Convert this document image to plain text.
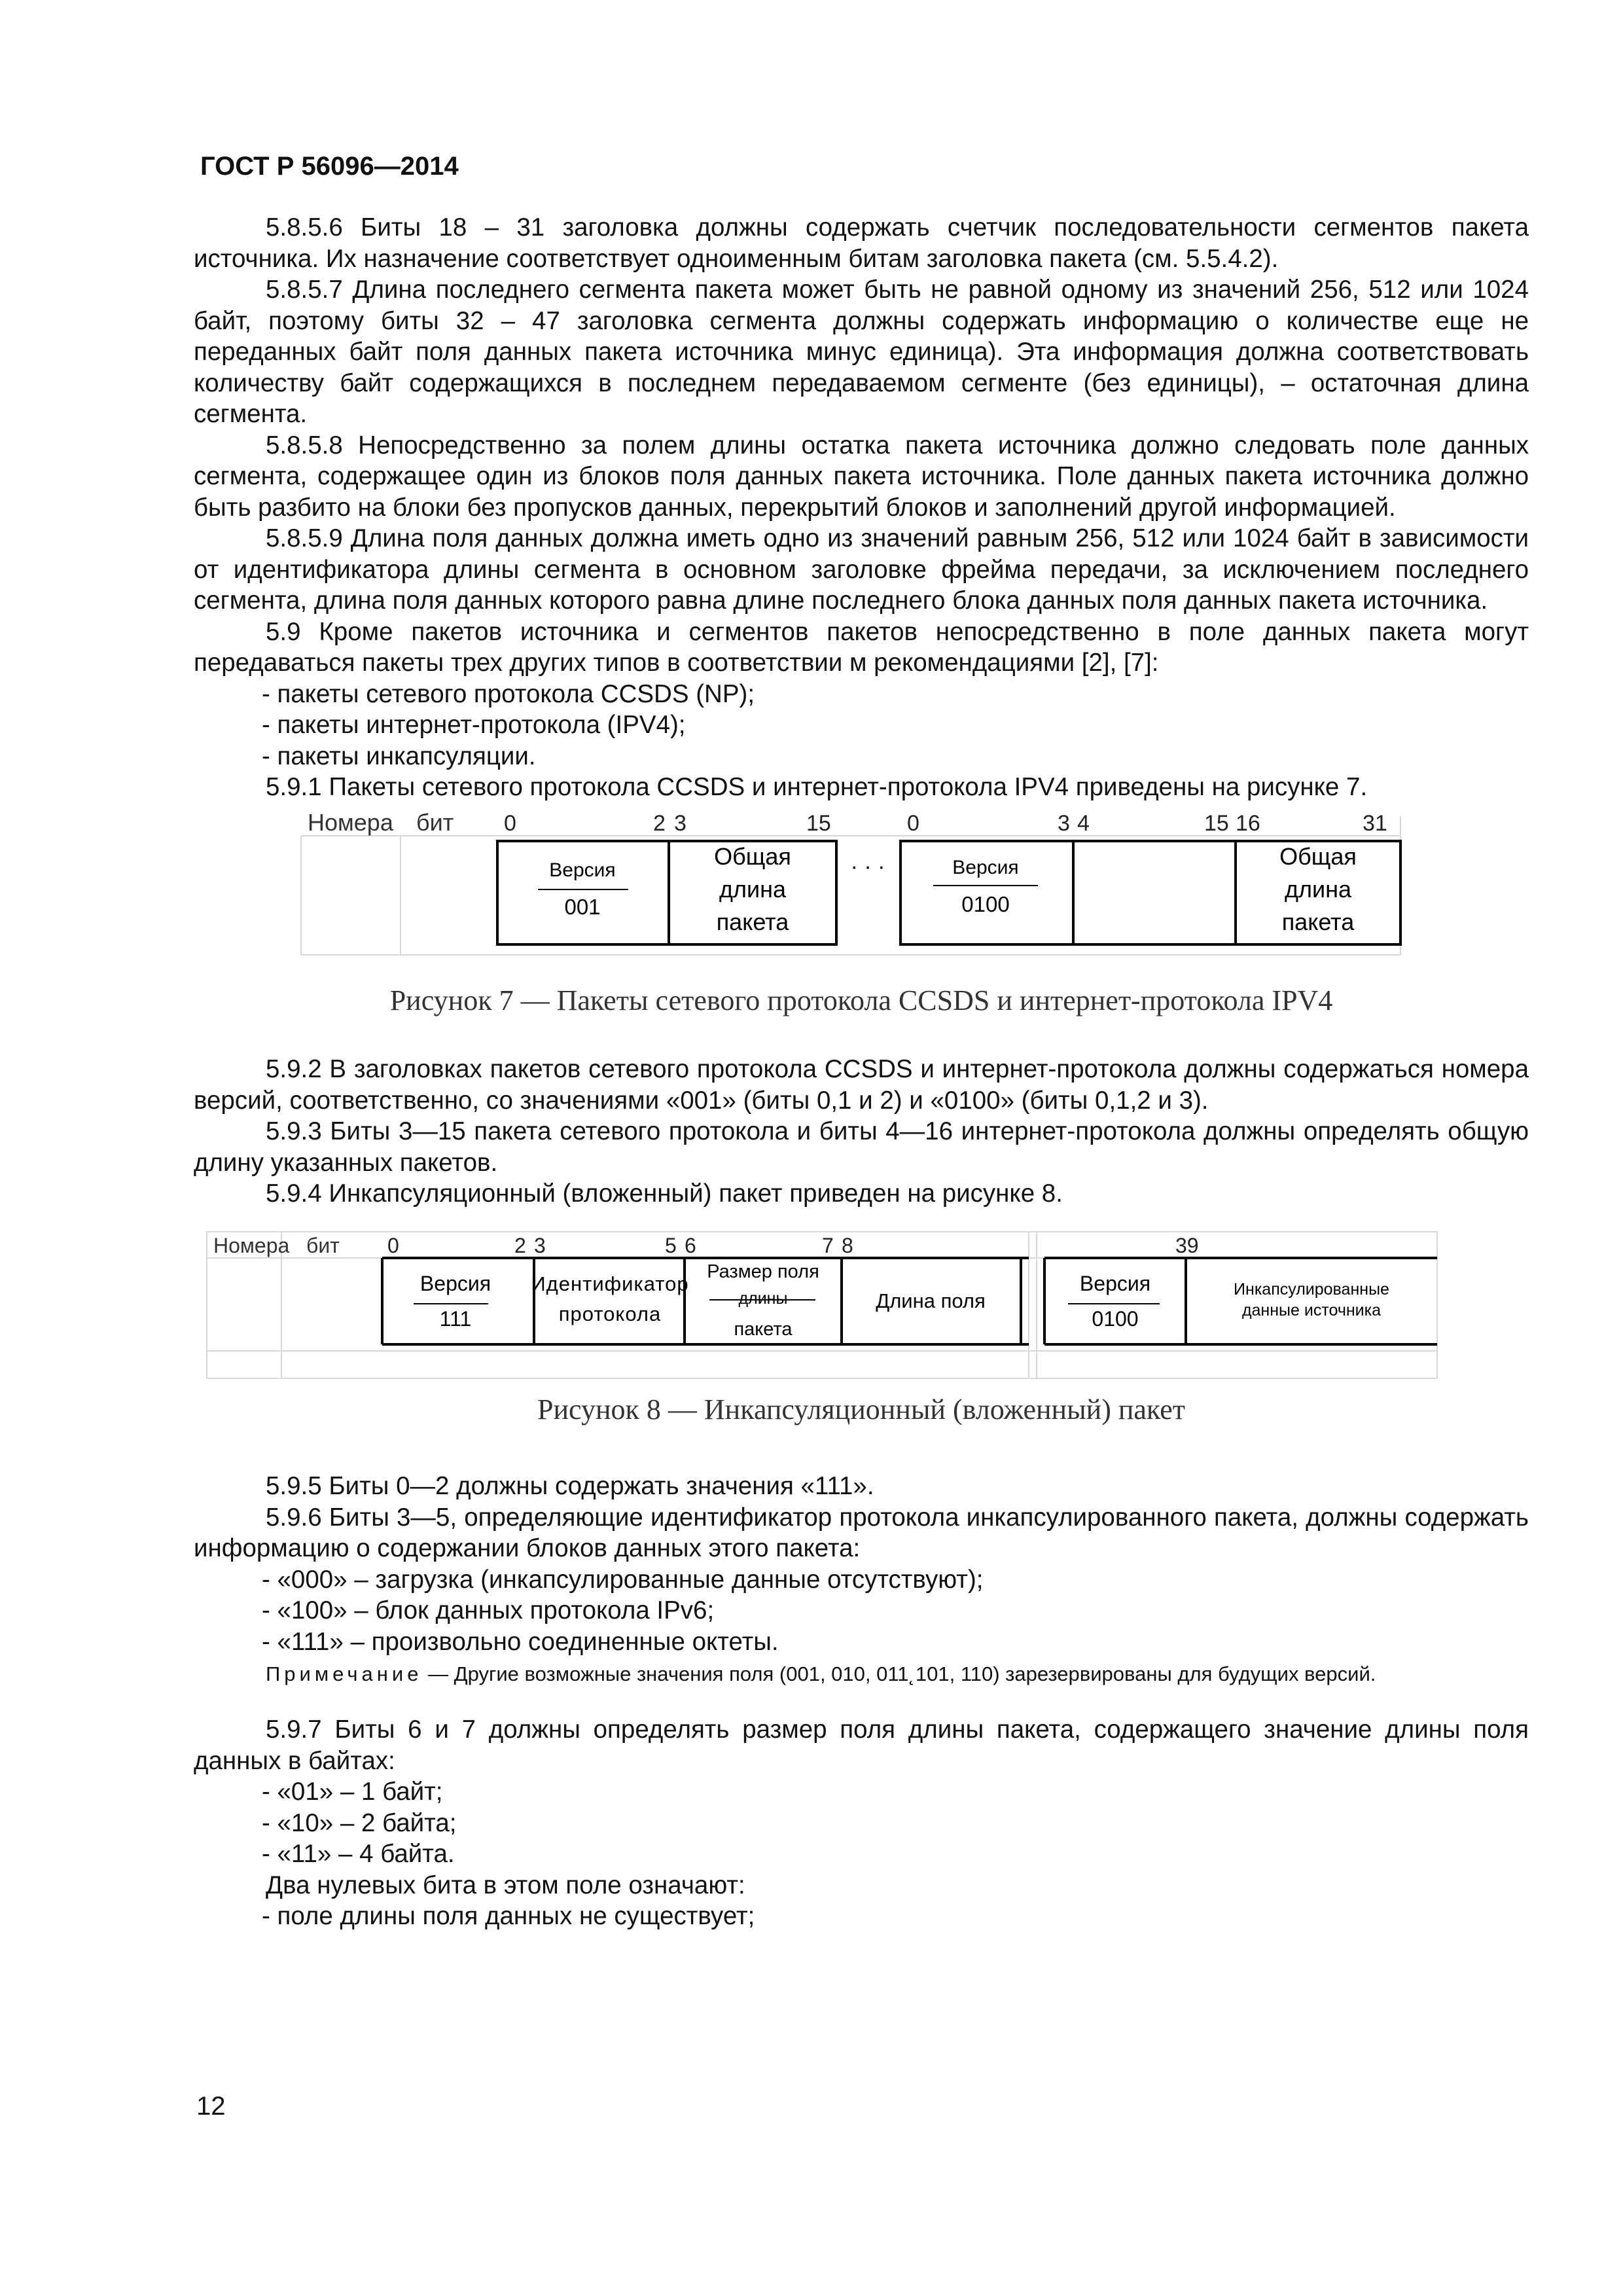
ГОСТ Р 56096—2014

5.8.5.6 Биты 18 – 31 заголовка должны содержать счетчик последовательности сегментов пакета источника. Их назначение соответствует одноименным битам заголовка пакета (см. 5.5.4.2).

5.8.5.7 Длина последнего сегмента пакета может быть не равной одному из значений 256, 512 или 1024 байт, поэтому биты 32 – 47 заголовка сегмента должны содержать информацию о количестве еще не переданных байт поля данных пакета источника минус единица). Эта информация должна соответствовать количеству байт содержащихся в последнем передаваемом сегменте (без единицы), – остаточная длина сегмента.

5.8.5.8 Непосредственно за полем длины остатка пакета источника должно следовать поле данных сегмента, содержащее один из блоков поля данных пакета источника. Поле данных пакета источника должно быть разбито на блоки без пропусков данных, перекрытий блоков и заполнений другой информацией.

5.8.5.9 Длина поля данных должна иметь одно из значений равным 256, 512 или 1024 байт в зависимости от идентификатора длины сегмента в основном заголовке фрейма передачи, за исключением последнего сегмента, длина поля данных которого равна длине последнего блока данных поля данных пакета источника.

5.9 Кроме пакетов источника и сегментов пакетов непосредственно в поле данных пакета могут передаваться пакеты трех других типов в соответствии м рекомендациями [2], [7]:

- пакеты сетевого протокола CCSDS (NP);

- пакеты интернет-протокола (IPV4);

- пакеты инкапсуляции.

5.9.1 Пакеты сетевого протокола CCSDS и интернет-протокола IPV4 приведены на рисунке 7.

Номера бит 0	2 3	15	0	3 4	15 16	31
Версия
001
Общая
длина
пакета
· · ·	Версия
0100
Общая
длина
пакета
Рисунок 7 — Пакеты сетевого протокола CCSDS и интернет-протокола IPV4

5.9.2 В заголовках пакетов сетевого протокола CCSDS и интернет-протокола должны содержаться номера версий, соответственно, со значениями «001» (биты 0,1 и 2) и «0100» (биты 0,1,2 и 3).

5.9.3 Биты 3—15 пакета сетевого протокола и биты 4—16 интернет-протокола должны определять общую длину указанных пакетов.

5.9.4 Инкапсуляционный (вложенный) пакет приведен на рисунке 8.

Номера бит 0	2 3	5 6	7 8	39
Версия
111
Идентификатор
протокола
Размер поля
длины
пакета
Длина поля
Версия
0100
Инкапсулированные
данные источника
Рисунок 8 — Инкапсуляционный (вложенный) пакет

5.9.5 Биты 0—2 должны содержать значения «111».

5.9.6 Биты 3—5, определяющие идентификатор протокола инкапсулированного пакета, должны содержать информацию о содержании блоков данных этого пакета:

- «000» – загрузка (инкапсулированные данные отсутствуют);

- «100» – блок данных протокола IPv6;

- «111» – произвольно соединенные октеты.

Примечание — Другие возможные значения поля (001, 010, 011˛101, 110) зарезервированы для будущих версий.

5.9.7 Биты 6 и 7 должны определять размер поля длины пакета, содержащего значение длины поля данных в байтах:

- «01» – 1 байт;

- «10» – 2 байта;

- «11» – 4 байта.

Два нулевых бита в этом поле означают:

- поле длины поля данных не существует;

12
